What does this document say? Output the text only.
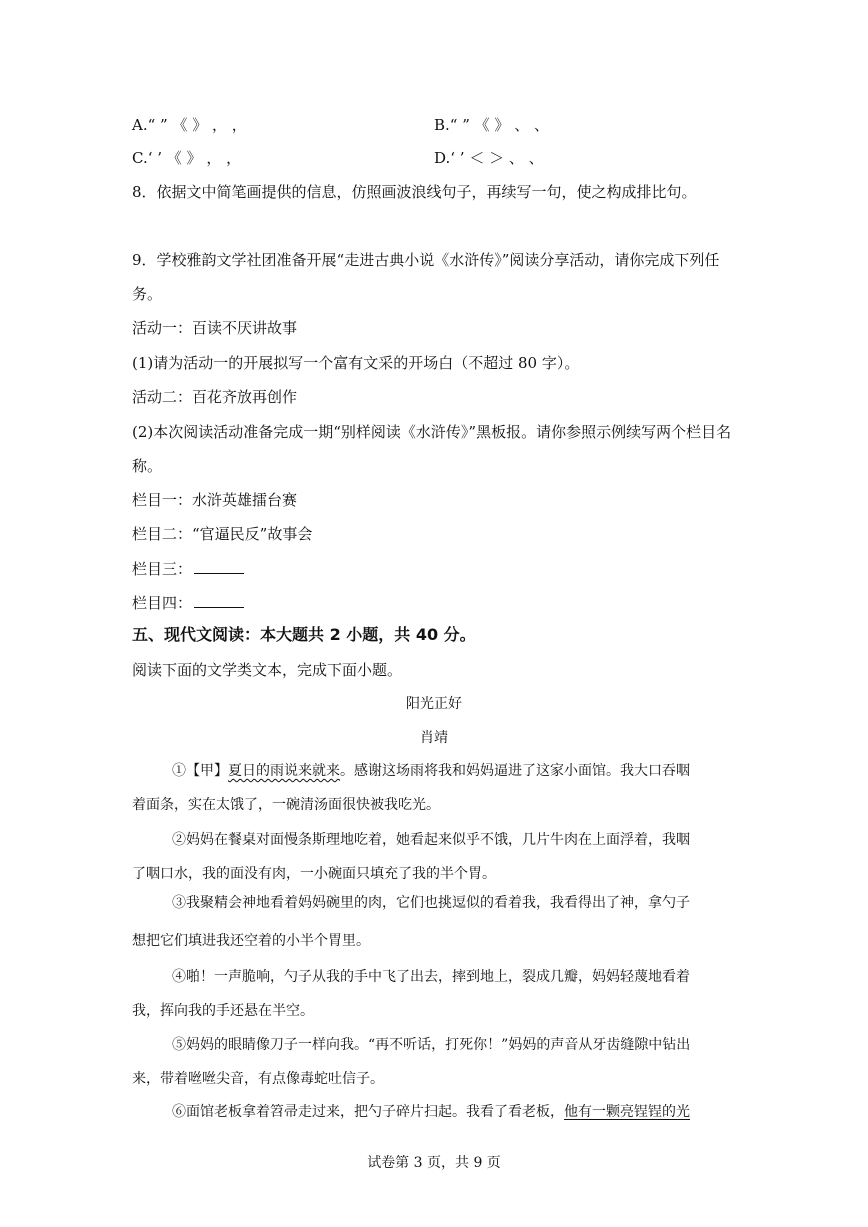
A.“ ” 《 》 ， ，	B.“ ” 《 》 、 、
C.‘ ’ 《 》 ， ，	D.‘ ’ ＜ ＞ 、 、
8．依据文中简笔画提供的信息，仿照画波浪线句子，再续写一句，使之构成排比句。
9．学校雅韵文学社团准备开展“走进古典小说《水浒传》”阅读分享活动，请你完成下列任
务。
活动一：百读不厌讲故事
(1)请为活动一的开展拟写一个富有文采的开场白（不超过 80 字）。
活动二：百花齐放再创作
(2)本次阅读活动准备完成一期“别样阅读《水浒传》”黑板报。请你参照示例续写两个栏目名
称。
栏目一：水浒英雄擂台赛
栏目二：“官逼民反”故事会
栏目三：
栏目四：
五、现代文阅读：本大题共 2 小题，共 40 分。
阅读下面的文学类文本，完成下面小题。
阳光正好
肖靖
①【甲】夏日的雨说来就来。感谢这场雨将我和妈妈逼进了这家小面馆。我大口吞咽
着面条，实在太饿了，一碗清汤面很快被我吃光。
②妈妈在餐桌对面慢条斯理地吃着，她看起来似乎不饿，几片牛肉在上面浮着，我咽
了咽口水，我的面没有肉，一小碗面只填充了我的半个胃。
③我聚精会神地看着妈妈碗里的肉，它们也挑 ·逗 ·似的看着我，我看得出了神，拿勺子
想把它们填进我还空着的小半个胃里。
④啪！一声脆响，勺子从我的手中飞了出去，摔到地上，裂成几瓣，妈妈轻蔑地看着
我，挥向我的手还悬在半空。
⑤妈妈的眼睛像刀子一样向我。“再不听话，打死你！”妈妈的声音从牙齿缝隙中钻出
来，带着咝咝尖音，有点像毒蛇吐信子。
⑥面馆老板拿着笤帚走过来，把勺子碎片扫起。我看了看老板，他有一颗亮锃锃的光
试卷第 3 页，共 9 页
